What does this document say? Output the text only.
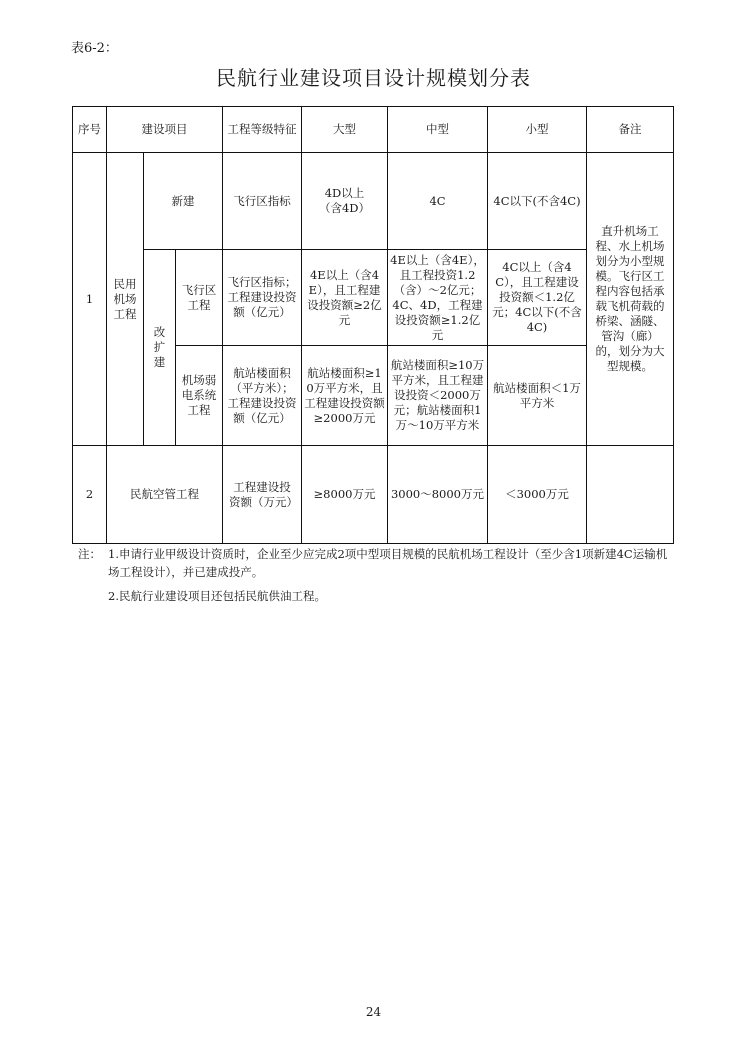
表6-2：
民航行业建设项目设计规模划分表
序号	建设项目			工程等级特征	大型	中型	小型	备注
1	民用机场工程	新建		飞行区指标	4D以上（含4D）	4C	4C以下(不含4C)	直升机场工程、水上机场划分为小型规模。飞行区工程内容包括承载飞机荷载的桥梁、涵隧、管沟（廊）的，划分为大型规模。
		改扩建	飞行区工程	飞行区指标；工程建设投资额（亿元）	4E以上（含4E），且工程建设投资额≥2亿元	4E以上（含4E），且工程投资1.2（含）～2亿元；4C、4D，工程建设投资额≥1.2亿元	4C以上（含4C），且工程建设投资额＜1.2亿元；4C以下(不含4C)	
			机场弱电系统工程	航站楼面积（平方米）；工程建设投资额（亿元）	航站楼面积≥10万平方米，且工程建设投资额≥2000万元	航站楼面积≥10万平方米，且工程建设投资＜2000万元；航站楼面积1万～10万平方米	航站楼面积＜1万平方米	
2	民航空管工程			工程建设投资额（万元）	≥8000万元	3000～8000万元	＜3000万元	
注： 1.申请行业甲级设计资质时，企业至少应完成2项中型项目规模的民航机场工程设计（至少含1项新建4C运输机场工程设计），并已建成投产。
2.民航行业建设项目还包括民航供油工程。
24
